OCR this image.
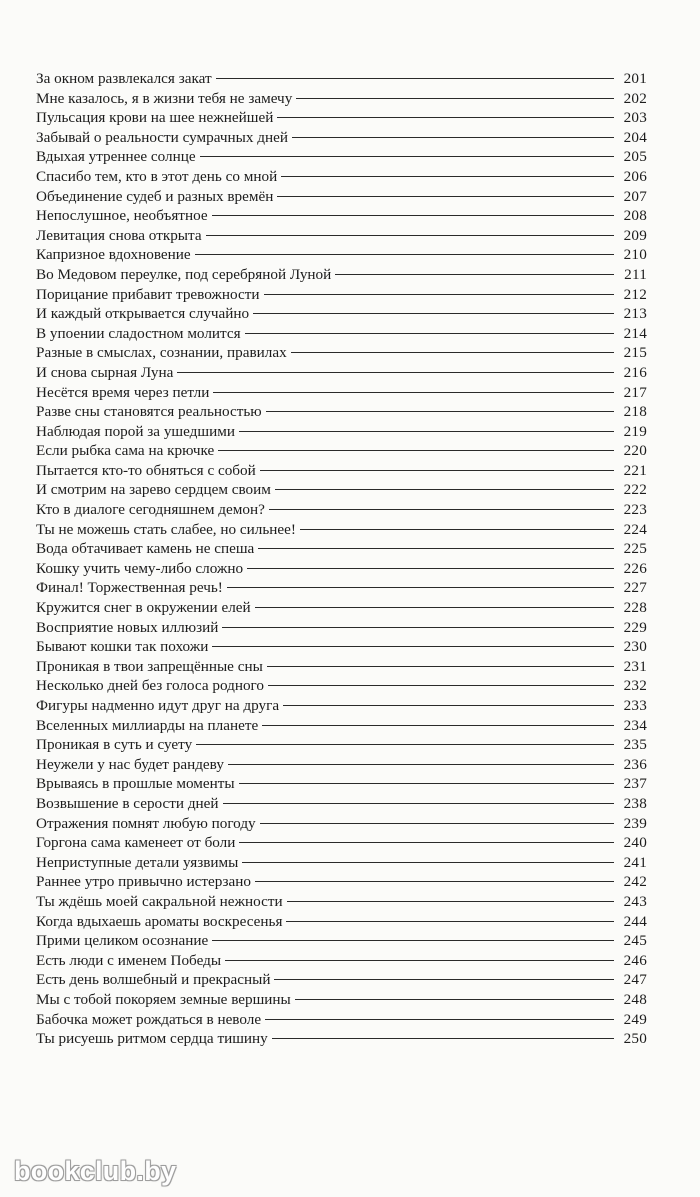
За окном развлекался закат	201
Мне казалось, я в жизни тебя не замечу	202
Пульсация крови на шее нежнейшей	203
Забывай о реальности сумрачных дней	204
Вдыхая утреннее солнце	205
Спасибо тем, кто в этот день со мной	206
Объединение судеб и разных времён	207
Непослушное, необъятное	208
Левитация снова открыта	209
Капризное вдохновение	210
Во Медовом переулке, под серебряной Луной	211
Порицание прибавит тревожности	212
И каждый открывается случайно	213
В упоении сладостном молится	214
Разные в смыслах, сознании, правилах	215
И снова сырная Луна	216
Несётся время через петли	217
Разве сны становятся реальностью	218
Наблюдая порой за ушедшими	219
Если рыбка сама на крючке	220
Пытается кто-то обняться с собой	221
И смотрим на зарево сердцем своим	222
Кто в диалоге сегодняшнем демон?	223
Ты не можешь стать слабее, но сильнее!	224
Вода обтачивает камень не спеша	225
Кошку учить чему-либо сложно	226
Финал! Торжественная речь!	227
Кружится снег в окружении елей	228
Восприятие новых иллюзий	229
Бывают кошки так похожи	230
Проникая в твои запрещённые сны	231
Несколько дней без голоса родного	232
Фигуры надменно идут друг на друга	233
Вселенных миллиарды на планете	234
Проникая в суть и суету	235
Неужели у нас будет рандеву	236
Врываясь в прошлые моменты	237
Возвышение в серости дней	238
Отражения помнят любую погоду	239
Горгона сама каменеет от боли	240
Неприступные детали уязвимы	241
Раннее утро привычно истерзано	242
Ты ждёшь моей сакральной нежности	243
Когда вдыхаешь ароматы воскресенья	244
Прими целиком осознание	245
Есть люди с именем Победы	246
Есть день волшебный и прекрасный	247
Мы с тобой покоряем земные вершины	248
Бабочка может рождаться в неволе	249
Ты рисуешь ритмом сердца тишину	250
bookclub.by
